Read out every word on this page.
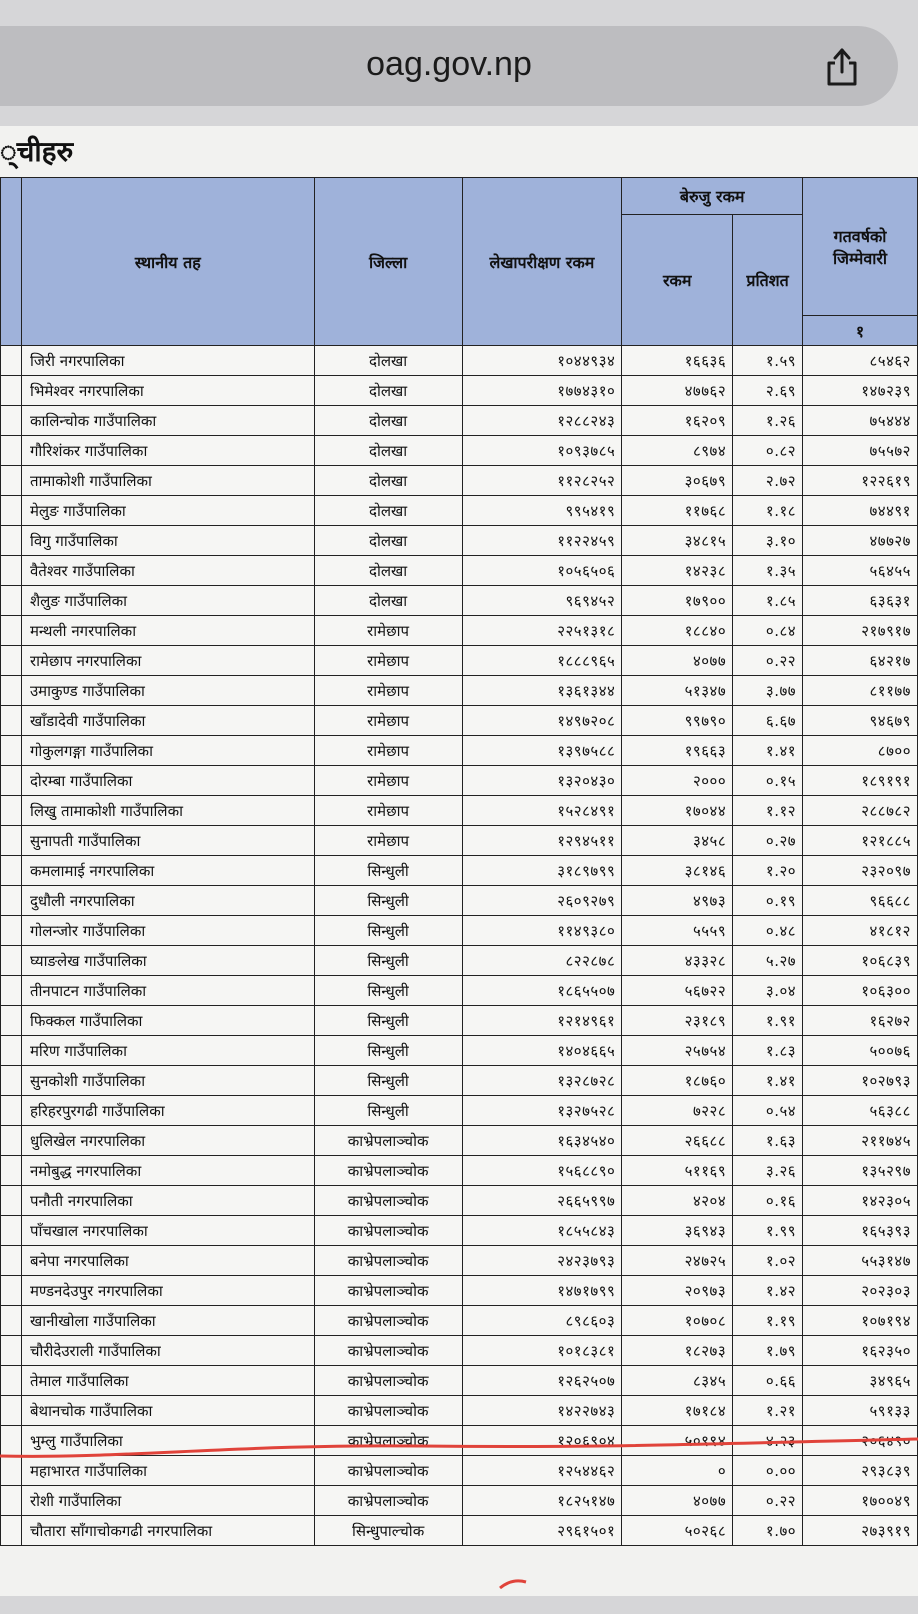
oag.gov.np
्चीहरु
	स्थानीय तह	जिल्ला	लेखापरीक्षण रकम	बेरुजु रकम		गतवर्षको
जिम्मेवारी

				रकम	प्रतिशत	
						१
	जिरी नगरपालिका	दोलखा	१०४४९३४	१६६३६	१.५९	८५४६२
	भिमेश्वर नगरपालिका	दोलखा	१७७४३१०	४७७६२	२.६९	१४७२३९
	कालिन्चोक गाउँपालिका	दोलखा	१२८८२४३	१६२०९	१.२६	७५४४४
	गौरिशंकर गाउँपालिका	दोलखा	१०९३७८५	८९७४	०.८२	७५५७२
	तामाकोशी गाउँपालिका	दोलखा	११२८२५२	३०६७९	२.७२	१२२६१९
	मेलुङ गाउँपालिका	दोलखा	९९५४१९	११७६८	१.१८	७४४९१
	विगु गाउँपालिका	दोलखा	११२२४५९	३४८१५	३.१०	४७७२७
	वैतेश्वर गाउँपालिका	दोलखा	१०५६५०६	१४२३८	१.३५	५६४५५
	शैलुङ गाउँपालिका	दोलखा	९६९४५२	१७९००	१.८५	६३६३१
	मन्थली नगरपालिका	रामेछाप	२२५१३१८	१८८४०	०.८४	२१७९१७
	रामेछाप नगरपालिका	रामेछाप	१८८८९६५	४०७७	०.२२	६४२१७
	उमाकुण्ड गाउँपालिका	रामेछाप	१३६१३४४	५१३४७	३.७७	८११७७
	खाँडादेवी गाउँपालिका	रामेछाप	१४९७२०८	९९७९०	६.६७	९४६७९
	गोकुलगङ्गा गाउँपालिका	रामेछाप	१३९७५८८	१९६६३	१.४१	८७००
	दोरम्बा गाउँपालिका	रामेछाप	१३२०४३०	२०००	०.१५	१८९१९१
	लिखु तामाकोशी गाउँपालिका	रामेछाप	१५२८४९१	१७०४४	१.१२	२८८७८२
	सुनापती गाउँपालिका	रामेछाप	१२९४५११	३४५८	०.२७	१२१८८५
	कमलामाई नगरपालिका	सिन्धुली	३१८९७९९	३८१४६	१.२०	२३२०९७
	दुधौली नगरपालिका	सिन्धुली	२६०९२७९	४९७३	०.१९	९६६८८
	गोलन्जोर गाउँपालिका	सिन्धुली	११४९३८०	५५५९	०.४८	४१८१२
	घ्याङलेख गाउँपालिका	सिन्धुली	८२२८७८	४३३२८	५.२७	१०६८३९
	तीनपाटन गाउँपालिका	सिन्धुली	१८६५५०७	५६७२२	३.०४	१०६३००
	फिक्कल गाउँपालिका	सिन्धुली	१२१४९६१	२३१८९	१.९१	१६२७२
	मरिण गाउँपालिका	सिन्धुली	१४०४६६५	२५७५४	१.८३	५००७६
	सुनकोशी गाउँपालिका	सिन्धुली	१३२८७२८	१८७६०	१.४१	१०२७९३
	हरिहरपुरगढी गाउँपालिका	सिन्धुली	१३२७५२८	७२२८	०.५४	५६३८८
	धुलिखेल नगरपालिका	काभ्रेपलाञ्चोक	१६३४५४०	२६६८८	१.६३	२११७४५
	नमोबुद्ध नगरपालिका	काभ्रेपलाञ्चोक	१५६८८९०	५११६९	३.२६	१३५२९७
	पनौती नगरपालिका	काभ्रेपलाञ्चोक	२६६५९९७	४२०४	०.१६	१४२३०५
	पाँचखाल नगरपालिका	काभ्रेपलाञ्चोक	१८५५८४३	३६९४३	१.९९	१६५३९३
	बनेपा नगरपालिका	काभ्रेपलाञ्चोक	२४२३७९३	२४७२५	१.०२	५५३१४७
	मण्डनदेउपुर नगरपालिका	काभ्रेपलाञ्चोक	१४७१७९९	२०९७३	१.४२	२०२३०३
	खानीखोला गाउँपालिका	काभ्रेपलाञ्चोक	८९८६०३	१०७०८	१.१९	१०७१९४
	चौरीदेउराली गाउँपालिका	काभ्रेपलाञ्चोक	१०१८३८१	१८२७३	१.७९	१६२३५०
	तेमाल गाउँपालिका	काभ्रेपलाञ्चोक	१२६२५०७	८३४५	०.६६	३४९६५
	बेथानचोक गाउँपालिका	काभ्रेपलाञ्चोक	१४२२७४३	१७१८४	१.२१	५९१३३
	भुम्लु गाउँपालिका	काभ्रेपलाञ्चोक	१२०६९०४	५०९९४	४.२३	२०६४९०
	महाभारत गाउँपालिका	काभ्रेपलाञ्चोक	१२५४४६२	०	०.००	२९३८३९
	रोशी गाउँपालिका	काभ्रेपलाञ्चोक	१८२५१४७	४०७७	०.२२	१७००४९
	चौतारा साँगाचोकगढी नगरपालिका	सिन्धुपाल्चोक	२९६१५०१	५०२६८	१.७०	२७३९१९
